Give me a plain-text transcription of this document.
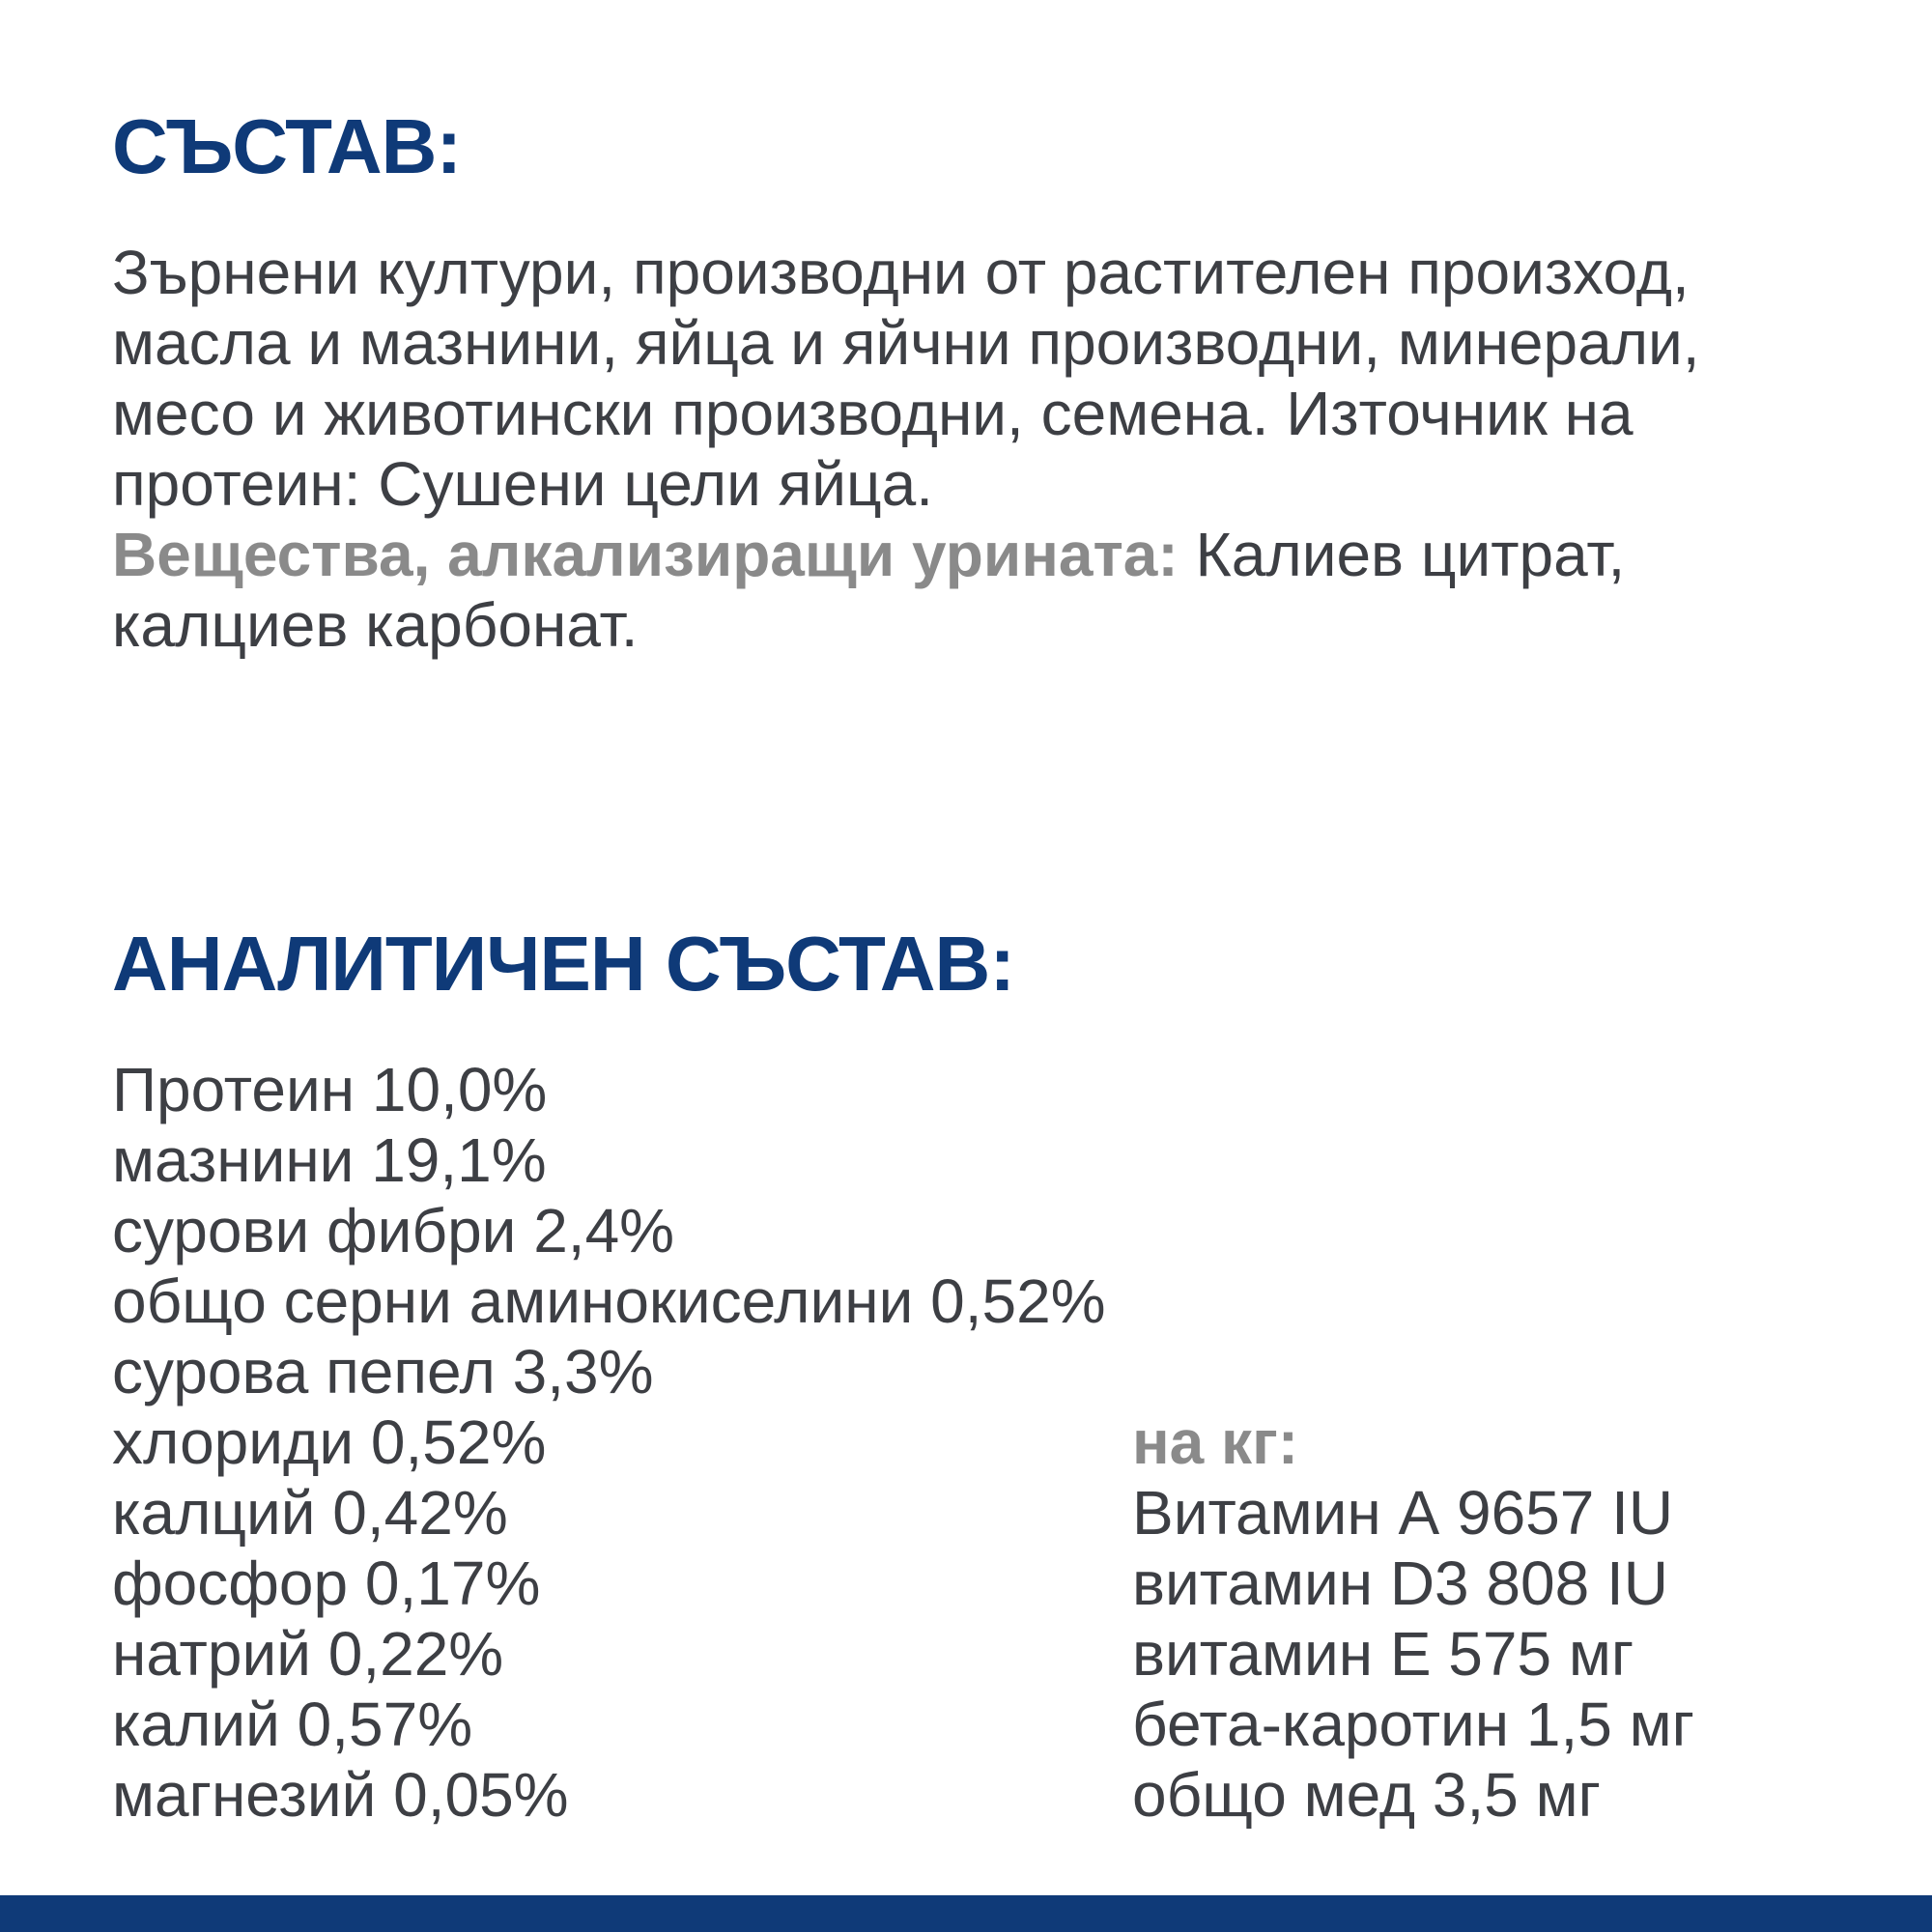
СЪСТАВ:

Зърнени култури, производни от растителен произход,
масла и мазнини, яйца и яйчни производни, минерали,
месо и животински производни, семена. Източник на
протеин: Сушени цели яйца.
Вещества, алкализиращи урината: Калиев цитрат,
калциев карбонат.

АНАЛИТИЧЕН СЪСТАВ:
Протеин 10,0%
мазнини 19,1%
сурови фибри 2,4%
общо серни аминокиселини 0,52%
сурова пепел 3,3%
хлориди 0,52%
калций 0,42%
фосфор 0,17%
натрий 0,22%
калий 0,57%
магнезий 0,05%
на кг:
Витамин А 9657 IU
витамин D3 808 IU
витамин Е 575 мг
бета-каротин 1,5 мг
общо мед 3,5 мг
